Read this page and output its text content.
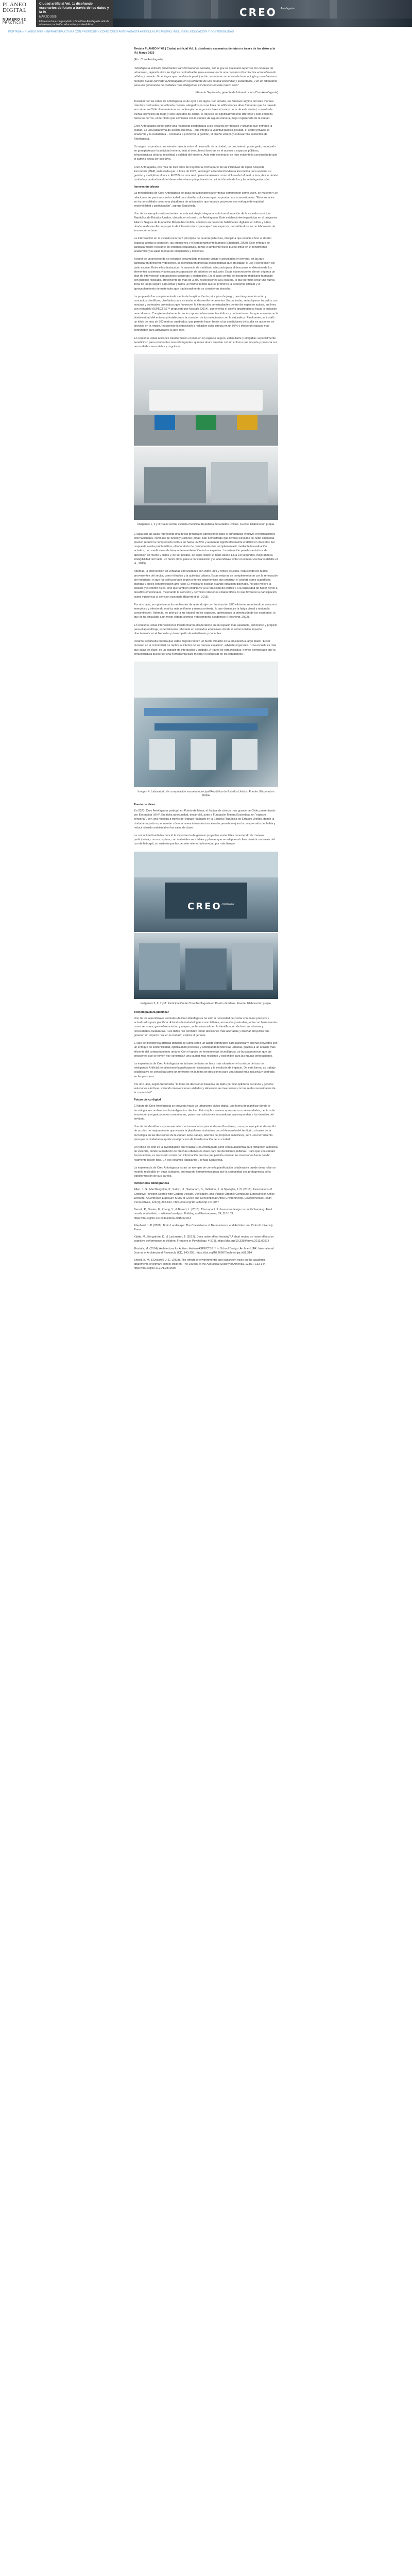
PLANEO DIGITAL
NÚMERO 62
PRÁCTICAS
Ciudad artificial Vol. 1: diseñando escenarios de futuro a través de los datos y la IA
MARZO 2025
Infraestructura con propósito: cómo Creo Antofagasta articula urbanismo, inclusión, educación y sostenibilidad
CREO Antofagasta
PORTADA » PLANEO Nº62 » INFRAESTRUCTURA CON PROPÓSITO: CÓMO CREO ANTOFAGASTA ARTICULA URBANISMO, INCLUSIÓN, EDUCACIÓN Y SOSTENIBILIDAD
Revista PLANEO Nº 62 | Ciudad artificial Vol. 1: diseñando escenarios de futuro a través de los datos y la IA | Marzo 2025
[Por: Creo Antofagasta]

“Antofagasta enfrenta importantes transformaciones sociales, por lo que es necesario repensar los modelos de urbanismo, dejando atrás las lógicas centralizadas para avanzar hacia una construcción colectiva entre el mundo público y privado. Un enfoque que combina la participación ciudadana con el uso de la tecnología y un urbanismo humano puede convertir a Antofagasta en un referente de una ciudad sostenible y sustentable, y en un laboratorio para una generación de ciudades más inteligentes e inclusivas en este nuevo ciclo”

(Ricardo Sepúlveda, gerente de Infraestructura Creo Antofagasta)

Transitar por las calles de Antofagasta es de ayer a de lagos. Por un lado, los famosos skyline del área morena mientras contrastan por el borde costero, alargados por una línea de edificaciones altas formadas que ha pasado encontrar en Chile. Pero mientras se contempla de largo esta tarea el centro norte de esta ciudad, con más de treinta kilómetros de largo y solo unos dos de ancho, el trayecto se significativamente diferente y sólo empieza hacia los cerros, en territorio que comienza con la ciudad, de alguna manera, mejor organizada de la ciudad.

Creo Antofagasta surge como una respuesta colaborativa a los desafíos territoriales y urbanos que enfrenta la ciudad. Es una plataforma de acción colectiva – que integra la voluntad pública-privada, el sector privado, la academia y la ciudadanía – orientada a promover la gestión, el diseño urbano y el desarrollo sostenible de Antofagasta.

Su origen responde a una mirada basada sobre el desarrollo de la ciudad, un crecimiento postergado, impulsado en gran parte por la actividad minera, dejó al descubierto brechas en el acceso a espacios públicos, infraestructura urbana, movilidad y calidad del entorno. Ante este escenario, se hizo evidente la conclusión de que el camino debía ser colectivo.

Creo Antofagasta, con más de diez años de trayectoria, forma parte de las iniciativas de Open Social de Escondida | BHP, instaurada que, a fines de 2023, se integró a Fundación Minera Escondida para acelerar su gestión y multiplicar alcance. El 2024 se concretó operacionalmente como el Área de Infraestructura, desde donde continúa y profundizando el desarrollo urbano y impulsando la calidad de vida de los y las antofagastinos/as.

Innovación urbana

La metodología de Creo Antofagasta se basa en la inteligencia territorial: comprender cómo viven, se mueven y se relacionan las personas en la ciudad para diseñar soluciones que respondan a sus necesidades. “Esta iniciativa se ha consolidado como una plataforma de articulación que impulsa proyectos con enfoque de equidad, sostenibilidad y participación”, agrega Sepúlveda.

Uno de los ejemplos más recientes de esta estrategia integrada es la transformación de la escuela municipal República de Estados Unidos, ubicada en el centro de Antofagasta. Este establecimiento participa en el programa Alianza Segura de Fundación Minera Escondida, con foco en potenciar habilidades digitales en niños y niñas, donde se desarrolló un proyecto de infraestructura que mejoró sus espacios, convirtiéndose en un laboratorio de innovación urbana.

La intervención en la escuela incorporó principios de neuroarquitectura, disciplina que estudia cómo el diseño espacial afecta la cognición, las emociones y el comportamiento humano (Eberhard, 2009). Este enfoque se particularmente relevante en entornos educativos, donde el ambiente físico puede influir en el rendimiento académico y la salud mental de estudiantes y docentes.

A partir de un proceso de co-creación desarrollado mediante visitas y actividades en terreno, en las que participaron directivos y docentes, se identificaron diversas problemáticas que afectaban el uso y percepción del patio escolar. Entre ellas destacaban la ausencia de mobiliario adecuado para el descanso, el deterioro de los elementos existentes y la escasa incorporación de criterios de inclusión. Estas observaciones dieron origen a un plan de intervención con acciones concretas y sostenibles. En el patio central se incorporó mobiliario fabricado con plástico reciclado, proveniente de más de 3.300 recolecciones a la escuela, lo que permitió crear una nueva zona de juego seguro para niñas y niños, al mismo tiempo que se promovía la economía circular y el aprovechamiento de materiales que tradicionalmente se consideran desecho.

La propuesta fue complementada mediante la aplicación de principios de juego, que integran educación y conceptos científicos, diseñados para estimular el desarrollo neuromotor. En particular, se incluyeron trazados con texturas y contrastes cromáticos que favorecen la interacción de estudiantes dentro del espectro autista, en línea con el modelo ASPECTSS™ propuesto por Mostafa (2014), que orienta el diseño arquitectónico hacia la inclusión neurodiversa. Complementariamente, se incorporaron herramientas lúdicas y un huerto escolar que aumentaron la biodiversidad del entorno y fortalecieron la conexión de los estudiantes con la naturaleza. Finalmente, se instaló un toldo de más de 300 metros cuadrados, que permite hacer frente a las condiciones del sudor en acciones en ejercicio en la región, reduciendo la exposición a radiación solar directa en un 95% y ofrece un espacio más confortable para actividades al aire libre.

En conjunto, estas acciones transformaron el patio en un espacio seguro, estimulante y amigable: especialmente beneficioso para estudiantes neurodivergentes, quienes ahora cuentan con un entorno que respeta y potencia sus necesidades sensoriales y cognitivas.

Imágenes 1, 2 y 3: Patio central escuela municipal República de Estados Unidos. Fuente: Elaboración propia.

El aula con las aulas representa una de las principales alteraciones para el aprendizaje efectivo. Investigaciones internacionales, como las de Shield y Dockrell (2008), han demostrado que niveles elevados de ruido ambiental pueden reducir la comprensión lectora en hasta un 20% y aumentar significativamente el déficit en docentes. En respuesta a esta problemática, el laboratorio de componentes fue complementado mediante la evaluación acústica, con mediciones de tiempo de reverberación en los espacios. La instalación paneles acústicos de absorción en muros y cielos y, de ser posible, se logró reducir el ruido desde 1,5 a 0,8 segundos, mejorando la inteligibilidad del habla, un factor clave para la concentración y el aprendizaje evitar el estresor escolares (Klatte et al., 2013).

Además, la intervención en ventanas con unidades con vidrio ultra y reflejo acústico, reduciendo los ruidos provenientes del sector, como el tráfico y la actividad urbana. Estas mejoras se complementaron con la renovación del mobiliario, el que fue seleccionado según criterios ergonómicos que priorizan el confort, como superficies blandas y pieles con protección anti ruido. El mobiliario escolar, cuando está bien diseñado, no sólo mejora la postura y el confort físico, sino que también contribuye a la reducción del estrés y a la capacidad de hacer frente a desafíos emocionales, mejorando la atención y permiten relaciones colaborativas, lo que favorece la participación activa y potencia la atención sostenida (Barrett et al., 2015).

Por otro lado, se optimizaron los ambientes de aprendizaje con iluminación LED eficiente, reduciendo el consumo energético y ofreciendo una luz más uniforme y menos molesta, lo que disminuye la fatiga visual y mejora la concentración. Además, se priorizó la luz natural en los espacios, optimizando la orientación de los escritorios, lo que se ha vinculado a un mejor estado anímico y desempeño académico (Heschong, 2002).

En conjunto, estas intervenciones transformaron el laboratorio en un espacio más saludable, armonioso y propicio para el aprendizaje, especialmente relevante en contextos educativos donde el entorno físico impacta directamente en el bienestar y desempeño de estudiantes y docentes.

Ricardo Sepúlveda precisa que estas mejoras tienen un fuerte impacto en la educación a largo plazo: “El ser humano en la comunidad, se replica al interior de los nuevos espacios”, advierte el gerente. “Una escuela es más que salas de clase; es un espacio de interacción y cuidado. A través de esta iniciativa, hemos demostrado que la infraestructura puede ser una herramienta para mejorar el bienestar de los estudiantes”.

Imagen 4: Laboratorio de computación escuela municipal República de Estados Unidos. Fuente: Elaboración propia.
Puerto de Ideas

En 2023, Creo Antofagasta participó en Puerto de Ideas, el festival de ciencia más grande de Chile, presentando por Escondida | BHP. En dicha oportunidad, desarrolló, junto a Fundación Minera Escondida, un “espacio sensorial”, con una muestra a través del trabajo realizado en la Escuela República de Estados Unidos, donde la ciudadanía pudo experimentar cómo la nueva infraestructura escolar permite mejorar la comprensión del habla y reducir el ruido ambiental en las salas de clase.

La comunidad también conoció la importancia de generar proyectos sostenibles conociendo de manera participativa, como sus pisos, con materiales reciclables y plantas que se adaptan al clima desértico a través del uso de hidrogel, un sustrato que les permite retener la humedad por más tiempo.

CREO Antofagasta
Imágenes 5, 6, 7 y 8: Participación de Creo Antofagasta en Puerto de Ideas. Fuente: Elaboración propia.
Tecnología para planificar

Uno de los aprendizajes centrales de Creo Antofagasta ha sido la necesidad de contar con datos precisos y actualizados para planificar. A través de metodologías como talleres, encuestas y estudios, junto con herramientas como sensores, georreferenciación y mapeo, se ha avanzado en la identificación de brechas urbanas y necesidades ciudadanas. “Los datos nos permiten tomar decisiones más acertadas y diseñar proyectos que generen un impacto real en la ciudad”, explica el gerente.

El uso de inteligencia artificial también se suma como un aliado estratégico para planificar y diseñar proyectos con un enfoque de sostenibilidad, optimizando procesos y anticipando tendencias urbanas, gracias a un análisis más eficiente del comportamiento urbano. Con el apoyo de herramientas tecnológicas, se busca promover que las decisiones que se tomen hoy construyan una ciudad más resiliente y sostenible para las futuras generaciones.

La experiencia de Creo Antofagasta en la base de datos se hace más robusta en el contexto del uso de Inteligencia Artificial, fortaleciendo la participación ciudadana y la medición de impacto. De esta forma, su trabajo colaborativo se consolida como un referente en la toma de decisiones para una ciudad más inclusiva y centrada en las personas.

Por otro lado, según Sepúlveda: “la toma de decisiones basadas en datos permite optimizar recursos y generar soluciones efectivas, evitando intervenciones aisladas y alineando las inversiones con las reales necesidades de la comunidad”.

Futuro cívico digital

El futuro de Creo Antofagasta se proyecta hacia un urbanismo cívico digital, una forma de planificar donde la tecnología se combina con la inteligencia colectiva. Esto implica nuevas apuestas con universidades, centros de innovación y organizaciones comunitarias, para crear soluciones innovadoras que respondan a los desafíos del territorio.

Una de las desafíos es promover alianzas innovadoras para el desarrollo urbano, como por ejemplo el desarrollo de un plan de mejoramiento que vincula la plataforma ciudadana con el desarrollo del territorio, a través de la tecnología en las decisiones de la ciudad. Este trabajo, además de proponer soluciones, será una herramienta para que la ciudadanía aporte en el proceso de transformación de su ciudad.

Un reflejo de esto es la investigación que realiza Creo Antofagasta junto con la academia para fortalecer la política de vivienda, donde la medición de brechas urbanas es clave para las decisiones públicas. “Para que una ciudad funcione bien, es necesario contar con información precisa que permita orientar las inversiones hacia donde realmente hacen falta. En eso estamos trabajando”, señala Sepúlveda.

La experiencia de Creo Antofagasta es así un ejemplo de cómo la planificación colaborativa puede desarrollar un modelo replicable en otras ciudades, entregando herramientas para que la comunidad sea protagonista de la transformación de sus barrios.

Referencias bibliográficas
Allen, J. G., MacNaughton, P., Satish, U., Santanam, S., Vallarino, J., & Spengler, J. D. (2016). Associations of Cognitive Function Scores with Carbon Dioxide, Ventilation, and Volatile Organic Compound Exposures in Office Workers: A Controlled Exposure Study of Green and Conventional Office Environments. Environmental Health Perspectives, 124(6), 805-812. https://doi.org/10.1289/ehp.1510037
Barrett, P., Davies, F., Zhang, Y., & Barrett, L. (2015). The impact of classroom design on pupils’ learning: Final results of a holistic, multi-level analysis. Building and Environment, 89, 118-133. https://doi.org/10.1016/j.buildenv.2015.02.013
Eberhard, J. P. (2009). Brain Landscape: The Coexistence of Neuroscience and Architecture. Oxford University Press.
Klatte, M., Bergström, K., & Lachmann, T. (2013). Does noise affect learning? A short review on noise effects on cognitive performance in children. Frontiers in Psychology, 4(578). https://doi.org/10.3389/fpsyg.2013.00578
Mostafa, M. (2014). Architecture for Autism: Autism ASPECTSS™ in School Design. Archnet-IJAR: International Journal of Architectural Research, 8(1), 143-158. https://doi.org/10.26687/archnet-ijar.v8i1.314
Shield, B. M. & Dockrell, J. E. (2008). The effects of environmental and classroom noise on the academic attainments of primary school children. The Journal of the Acoustical Society of America, 123(1), 133-144. https://doi.org/10.1121/1.2812596
